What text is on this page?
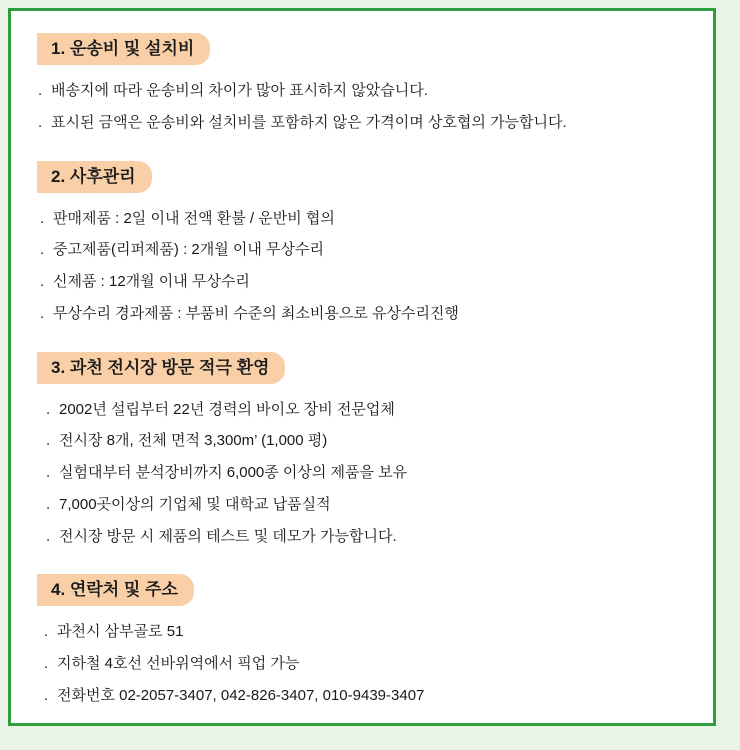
1. 운송비 및 설치비
. 배송지에 따라 운송비의 차이가 많아 표시하지 않았습니다.
. 표시된 금액은 운송비와 설치비를 포함하지 않은 가격이며 상호협의 가능합니다.
2. 사후관리
. 판매제품 : 2일 이내 전액 환불 / 운반비 협의
. 중고제품(리퍼제품) : 2개월 이내 무상수리
. 신제품 : 12개월 이내 무상수리
. 무상수리 경과제품 : 부품비 수준의 최소비용으로 유상수리진행
3. 과천 전시장 방문 적극 환영
. 2002년 설립부터 22년 경력의 바이오 장비 전문업체
. 전시장 8개, 전체 면적 3,300m’ (1,000 평)
. 실험대부터 분석장비까지 6,000종 이상의 제품을 보유
. 7,000곳이상의 기업체 및 대학교 납품실적
. 전시장 방문 시 제품의 테스트 및 데모가 가능합니다.
4. 연락처 및 주소
. 과천시 삼부골로 51
. 지하철 4호선 선바위역에서 픽업 가능
. 전화번호 02-2057-3407, 042-826-3407, 010-9439-3407
